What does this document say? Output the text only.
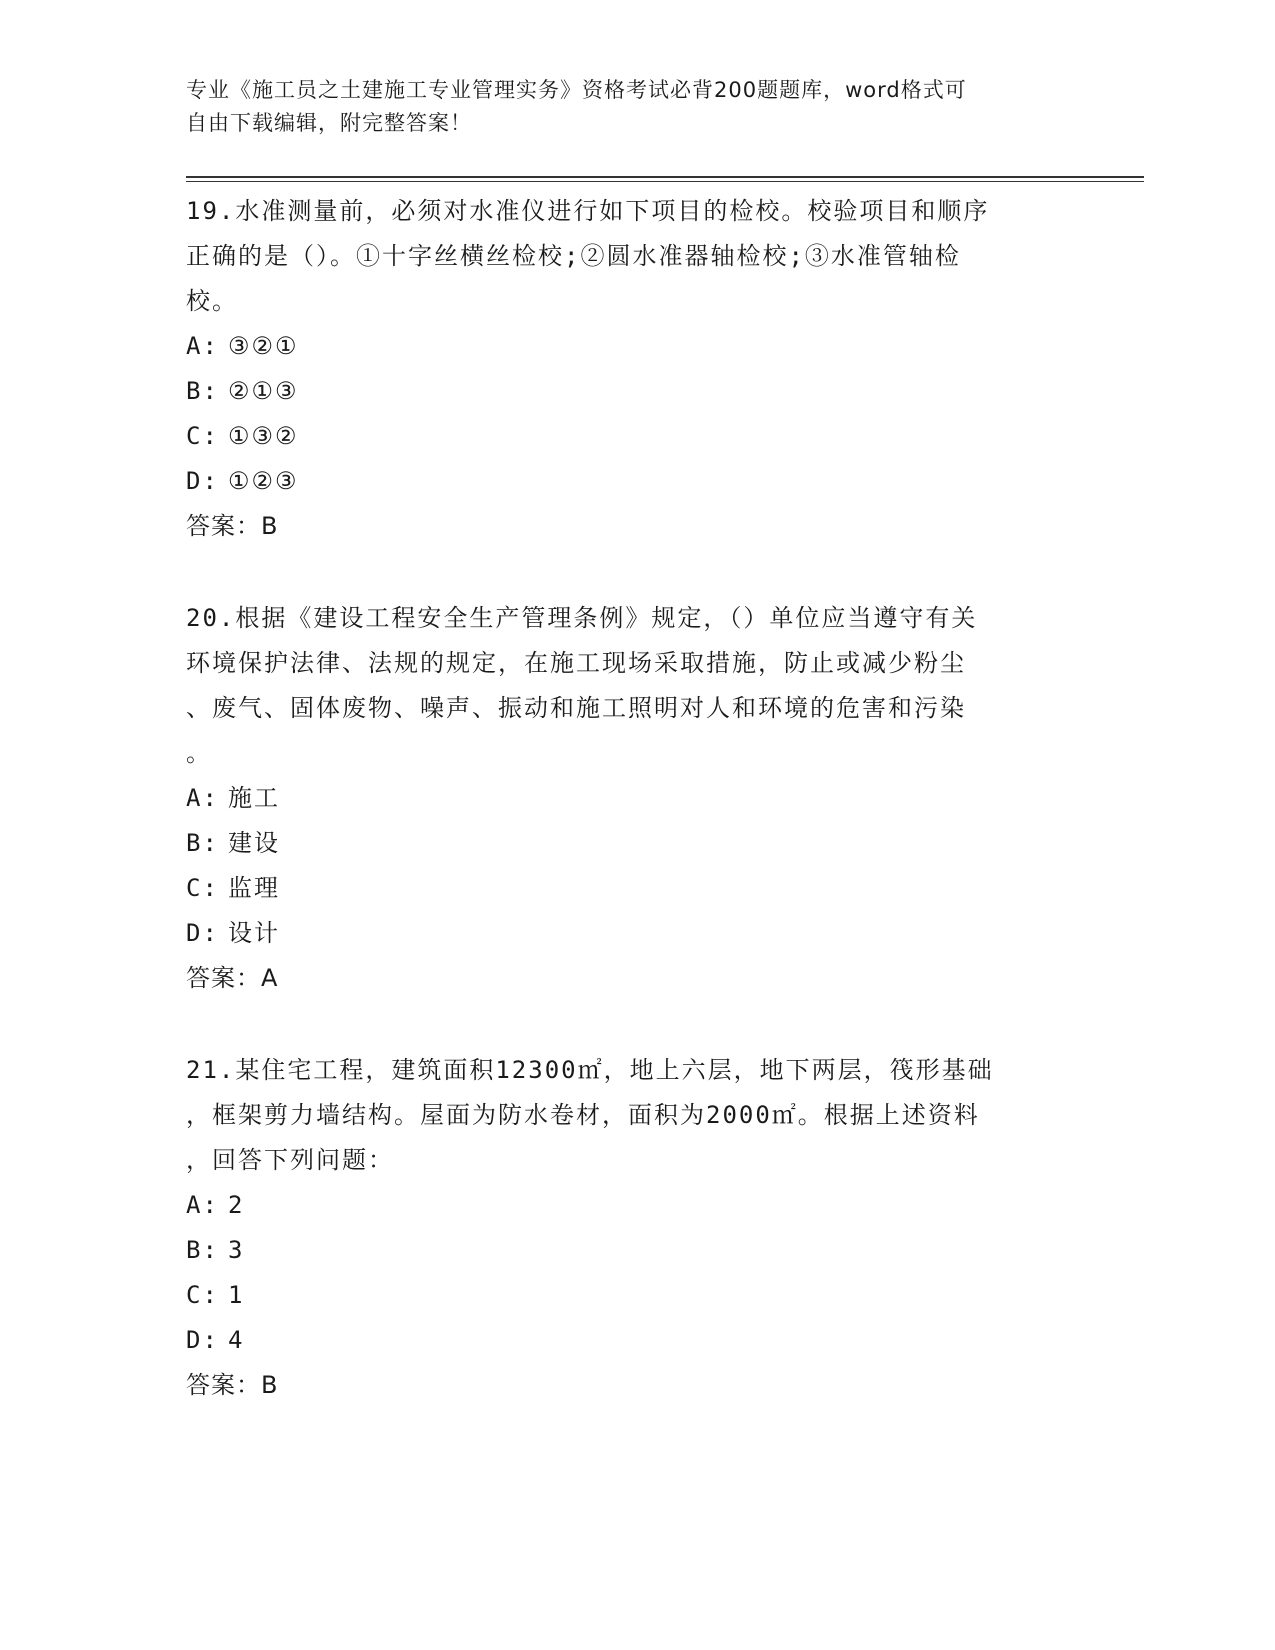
专业《施工员之土建施工专业管理实务》资格考试必背200题题库，word格式可
自由下载编辑，附完整答案！
19.水准测量前，必须对水准仪进行如下项目的检校。校验项目和顺序
正确的是（）。①十字丝横丝检校;②圆水准器轴检校;③水准管轴检
校。
A: ③②①
B: ②①③
C: ①③②
D: ①②③
答案：B
20.根据《建设工程安全生产管理条例》规定，（）单位应当遵守有关
环境保护法律、法规的规定，在施工现场采取措施，防止或减少粉尘
、废气、固体废物、噪声、振动和施工照明对人和环境的危害和污染
。
A: 施工
B: 建设
C: 监理
D: 设计
答案：A
21.某住宅工程，建筑面积12300㎡，地上六层，地下两层，筏形基础
，框架剪力墙结构。屋面为防水卷材，面积为2000㎡。根据上述资料
，回答下列问题：
A: 2
B: 3
C: 1
D: 4
答案：B
